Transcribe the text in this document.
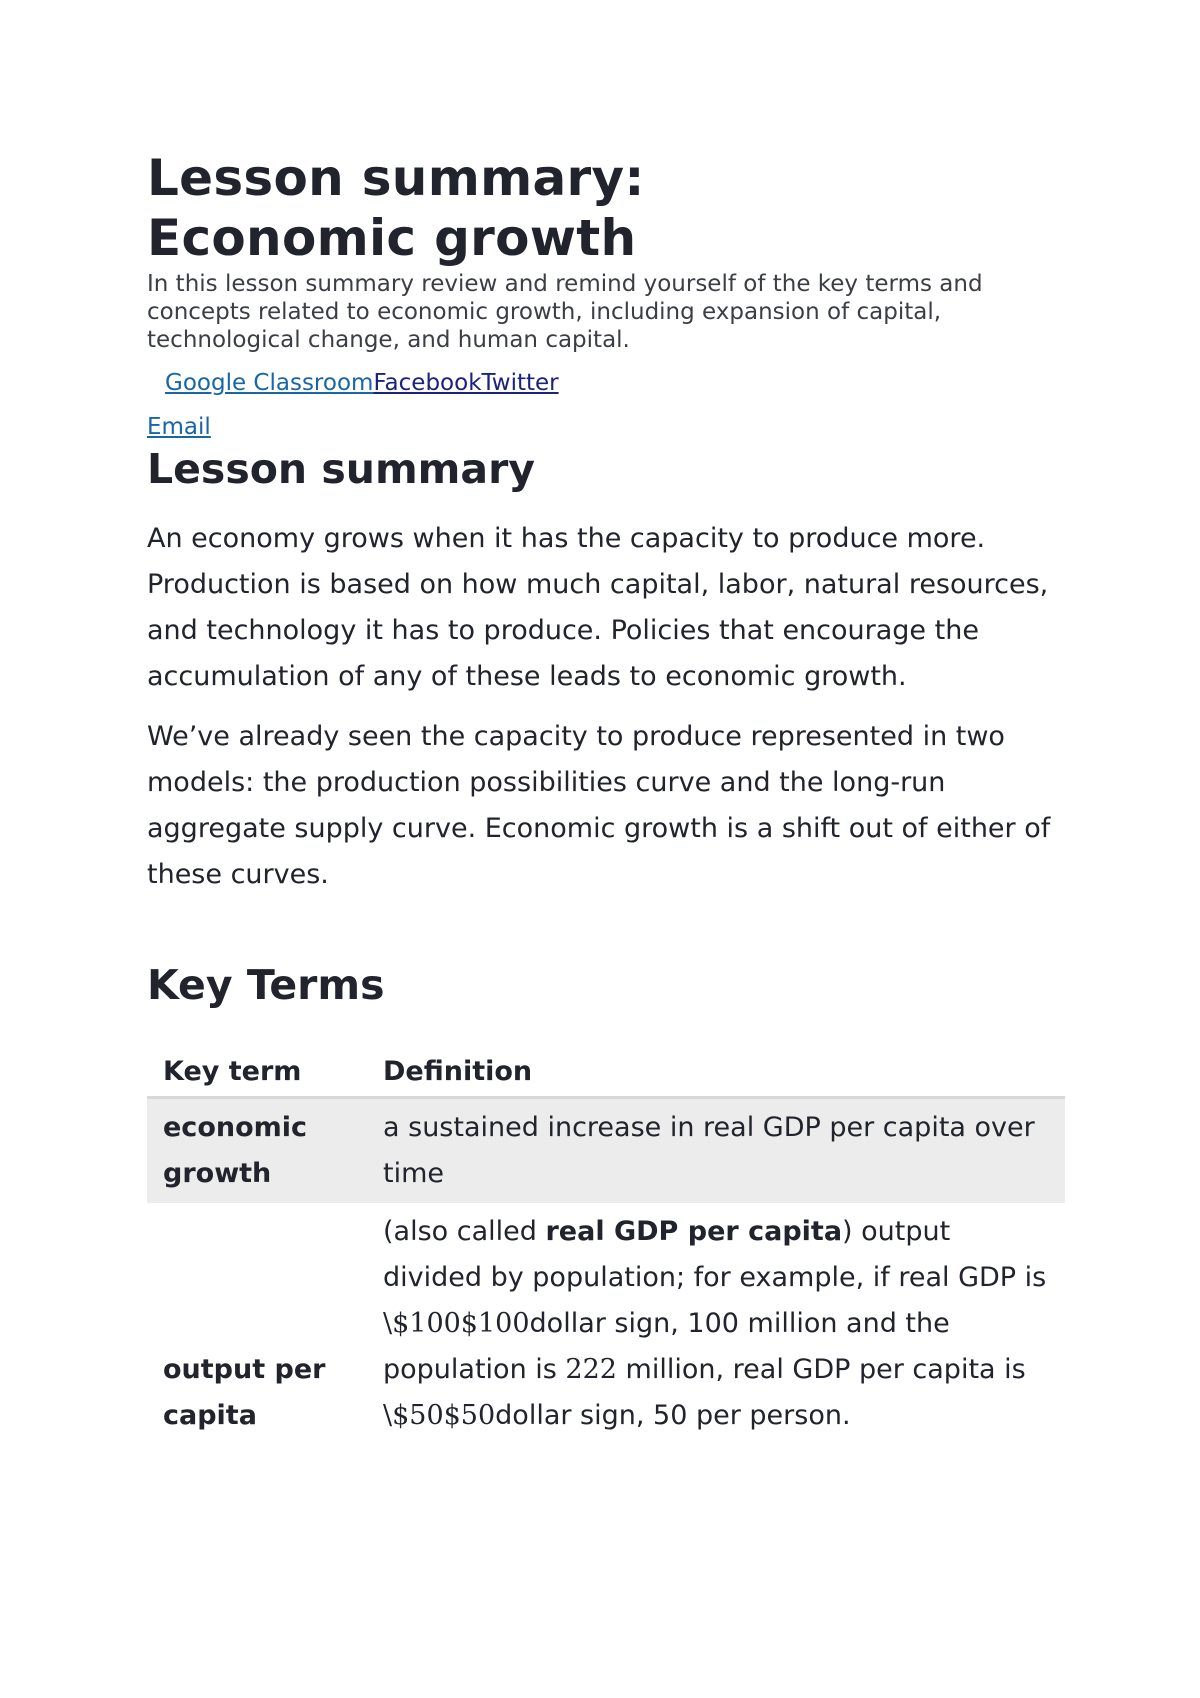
Lesson summary:
Economic growth

In this lesson summary review and remind yourself of the key terms and concepts related to economic growth, including expansion of capital, technological change, and human capital.

Google ClassroomFacebookTwitter
Email
Lesson summary

An economy grows when it has the capacity to produce more. Production is based on how much capital, labor, natural resources, and technology it has to produce. Policies that encourage the accumulation of any of these leads to economic growth.

We’ve already seen the capacity to produce represented in two models: the production possibilities curve and the long-run aggregate supply curve. Economic growth is a shift out of either of these curves.

Key Terms
Key term	Definition
economic growth	a sustained increase in real GDP per capita over time
output per capita	(also called real GDP per capita) output divided by population; for example, if real GDP is \$100$100dollar sign, 100 million and the population is 222 million, real GDP per capita is \$50$50dollar sign, 50 per person.
